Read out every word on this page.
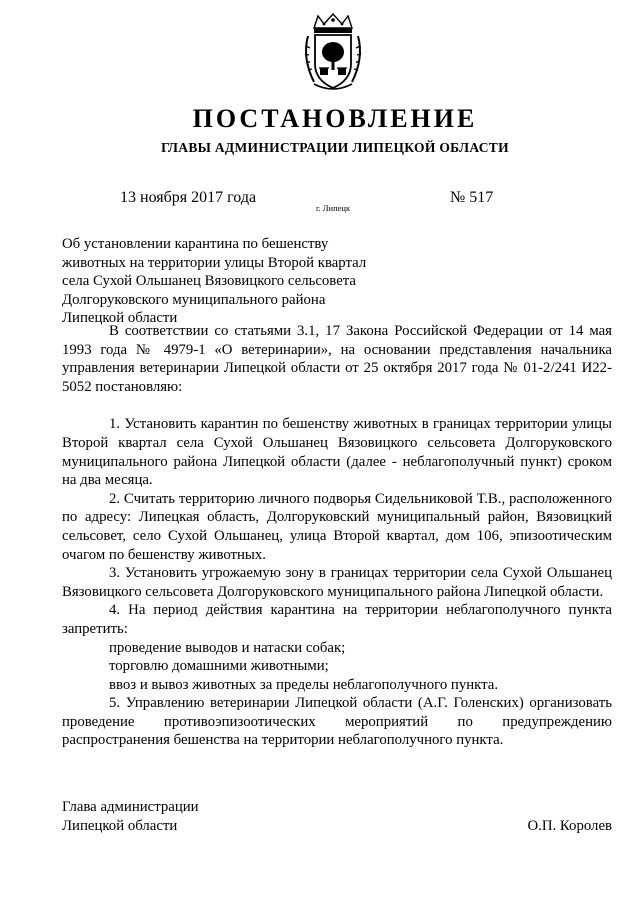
ПОСТАНОВЛЕНИЕ
ГЛАВЫ АДМИНИСТРАЦИИ ЛИПЕЦКОЙ ОБЛАСТИ
13 ноября 2017 года
г. Липецк
№ 517
Об установлении карантина по бешенству
животных на территории улицы Второй квартал
села Сухой Ольшанец Вязовицкого сельсовета
Долгоруковского муниципального района
Липецкой области

В соответствии со статьями 3.1, 17 Закона Российской Федерации от 14 мая 1993 года № 4979-1 «О ветеринарии», на основании представления начальника управления ветеринарии Липецкой области от 25 октября 2017 года № 01-2/241 И22-5052 постановляю:

1. Установить карантин по бешенству животных в границах территории улицы Второй квартал села Сухой Ольшанец Вязовицкого сельсовета Долгоруковского муниципального района Липецкой области (далее - неблагополучный пункт) сроком на два месяца.

2. Считать территорию личного подворья Сидельниковой Т.В., расположенного по адресу: Липецкая область, Долгоруковский муниципальный район, Вязовицкий сельсовет, село Сухой Ольшанец, улица Второй квартал, дом 106, эпизоотическим очагом по бешенству животных.

3. Установить угрожаемую зону в границах территории села Сухой Ольшанец Вязовицкого сельсовета Долгоруковского муниципального района Липецкой области.

4. На период действия карантина на территории неблагополучного пункта запретить:

проведение выводов и натаски собак;

торговлю домашними животными;

ввоз и вывоз животных за пределы неблагополучного пункта.

5. Управлению ветеринарии Липецкой области (А.Г. Голенских) организовать проведение противоэпизоотических мероприятий по предупреждению распространения бешенства на территории неблагополучного пункта.

Глава администрации
Липецкой области	О.П. Королев
